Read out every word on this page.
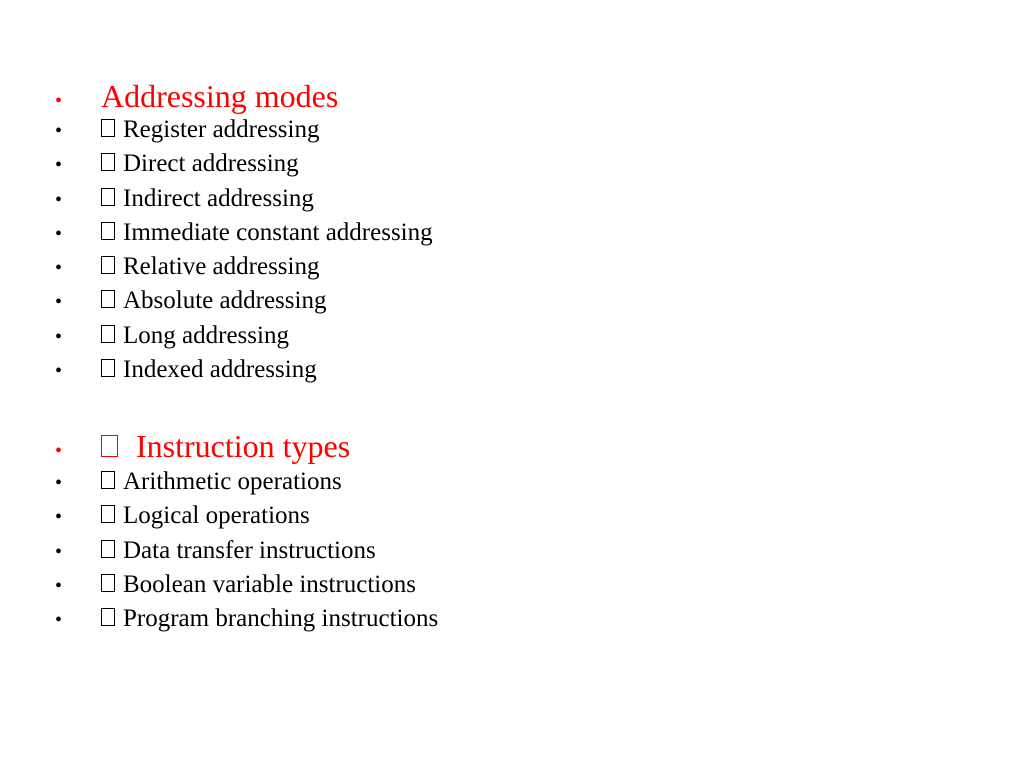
•	Addressing modes
•	Register addressing
•	Direct addressing
•	Indirect addressing
•	Immediate constant addressing
•	Relative addressing
•	Absolute addressing
•	Long addressing
•	Indexed addressing
•	Instruction types
•	Arithmetic operations
•	Logical operations
•	Data transfer instructions
•	Boolean variable instructions
•	Program branching instructions
